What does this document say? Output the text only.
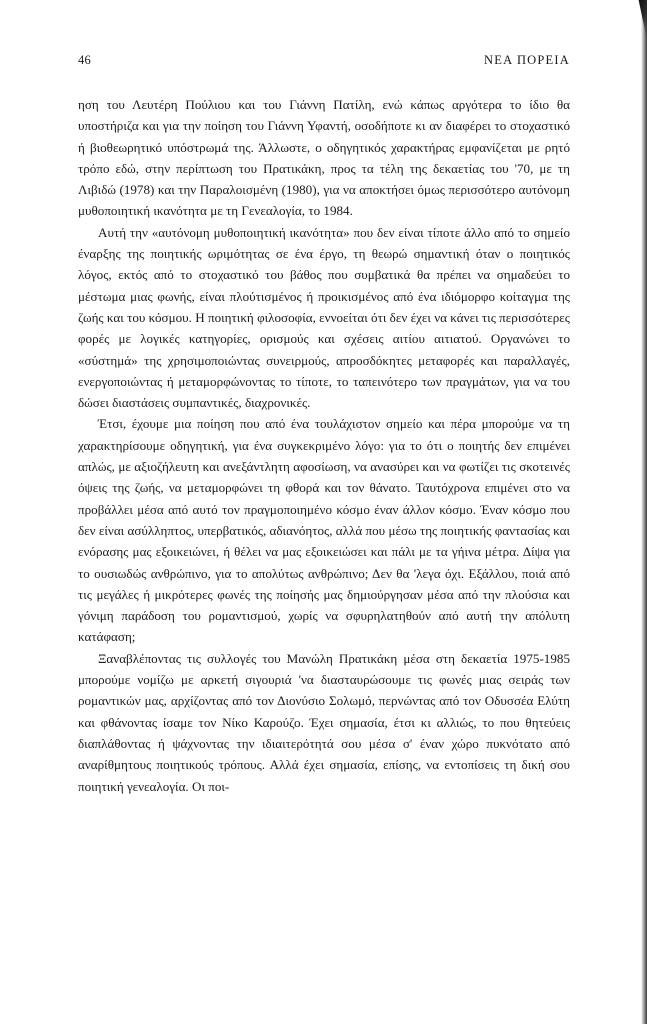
46	ΝΕΑ ΠΟΡΕΙΑ

ηση του Λευτέρη Πούλιου και του Γιάννη Πατίλη, ενώ κάπως αργότερα το ίδιο θα υποστήριζα και για την ποίηση του Γιάννη Υφαντή, οσοδήποτε κι αν διαφέρει το στοχαστικό ή βιοθεωρητικό υπόστρωμά της. Άλλωστε, ο οδηγητικός χαρακτήρας εμφανίζεται με ρητό τρόπο εδώ, στην περίπτωση του Πρατικάκη, προς τα τέλη της δεκαετίας του '70, με τη Λιβιδώ (1978) και την Παραλοισμένη (1980), για να αποκτήσει όμως περισσότερο αυτόνομη μυθοποιητική ικανότητα με τη Γενεαλογία, το 1984.

Αυτή την «αυτόνομη μυθοποιητική ικανότητα» που δεν είναι τίποτε άλλο από το σημείο έναρξης της ποιητικής ωριμότητας σε ένα έργο, τη θεωρώ σημαντική όταν ο ποιητικός λόγος, εκτός από το στοχαστικό του βάθος που συμβατικά θα πρέπει να σημαδεύει το μέστωμα μιας φωνής, είναι πλούτισμένος ή προικισμένος από ένα ιδιόμορφο κοίταγμα της ζωής και του κόσμου. Η ποιητική φιλοσοφία, εννοείται ότι δεν έχει να κάνει τις περισσότερες φορές με λογικές κατηγορίες, ορισμούς και σχέσεις αιτίου αιτιατού. Οργανώνει το «σύστημά» της χρησιμοποιώντας συνειρμούς, απροσδόκητες μεταφορές και παραλλαγές, ενεργοποιώντας ή μεταμορφώνοντας το τίποτε, το ταπεινότερο των πραγμάτων, για να του δώσει διαστάσεις συμπαντικές, διαχρονικές.

Έτσι, έχουμε μια ποίηση που από ένα τουλάχιστον σημείο και πέρα μπορούμε να τη χαρακτηρίσουμε οδηγητική, για ένα συγκεκριμένο λόγο: για το ότι ο ποιητής δεν επιμένει απλώς, με αξιοζήλευτη και ανεξάντλητη αφοσίωση, να ανασύρει και να φωτίζει τις σκοτεινές όψεις της ζωής, να μεταμορφώνει τη φθορά και τον θάνατο. Ταυτόχρονα επιμένει στο να προβάλλει μέσα από αυτό τον πραγμοποιημένο κόσμο έναν άλλον κόσμο. Έναν κόσμο που δεν είναι ασύλληπτος, υπερβατικός, αδιανόητος, αλλά που μέσω της ποιητικής φαντασίας και ενόρασης μας εξοικειώνει, ή θέλει να μας εξοικειώσει και πάλι με τα γήινα μέτρα. Δίψα για το ουσιωδώς ανθρώπινο, για το απολύτως ανθρώπινο; Δεν θα 'λεγα όχι. Εξάλλου, ποιά από τις μεγάλες ή μικρότερες φωνές της ποίησής μας δημιούργησαν μέσα από την πλούσια και γόνιμη παράδοση του ρομαντισμού, χωρίς να σφυρηλατηθούν από αυτή την απόλυτη κατάφαση;

Ξαναβλέποντας τις συλλογές του Μανώλη Πρατικάκη μέσα στη δεκαετία 1975-1985 μπορούμε νομίζω με αρκετή σιγουριά 'να διασταυρώσουμε τις φωνές μιας σειράς των ρομαντικών μας, αρχίζοντας από τον Διονύσιο Σολωμό, περνώντας από τον Οδυσσέα Ελύτη και φθάνοντας ίσαμε τον Νίκο Καρούζο. Έχει σημασία, έτσι κι αλλιώς, το που θητεύεις διαπλάθοντας ή ψάχνοντας την ιδιαιτερότητά σου μέσα σ' έναν χώρο πυκνότατο από αναρίθμητους ποιητικούς τρόπους. Αλλά έχει σημασία, επίσης, να εντοπίσεις τη δική σου ποιητική γενεαλογία. Οι ποι-
